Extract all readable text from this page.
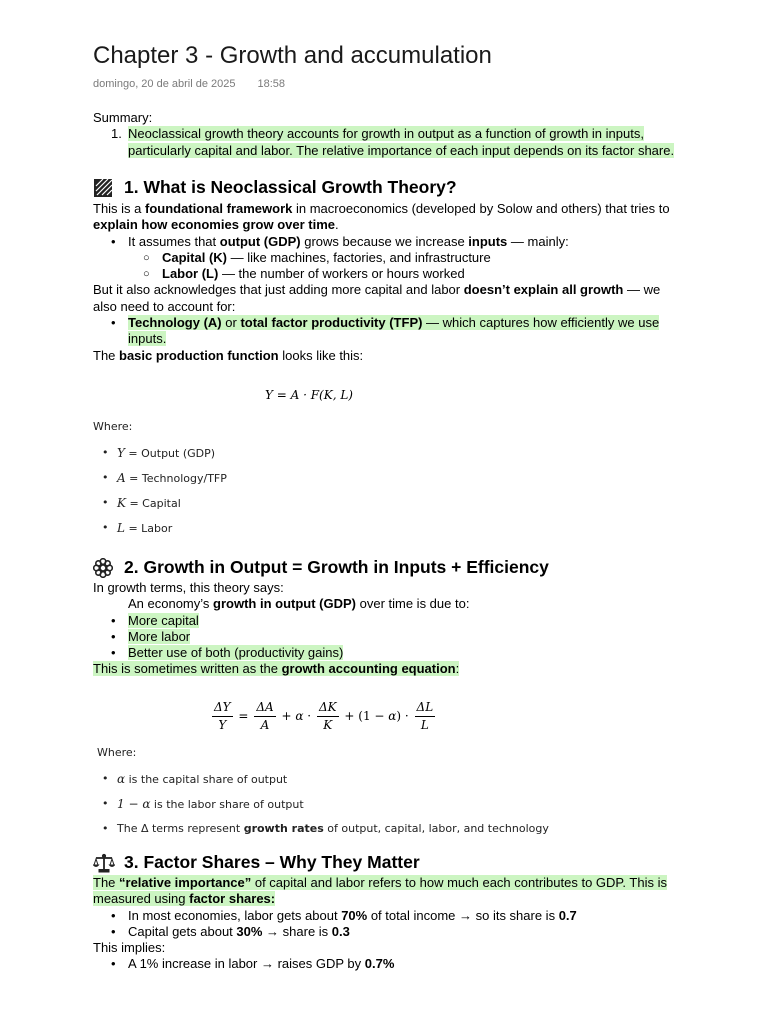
Chapter 3 - Growth and accumulation
domingo, 20 de abril de 2025 18:58
Summary:
1. Neoclassical growth theory accounts for growth in output as a function of growth in inputs, particularly capital and labor. The relative importance of each input depends on its factor share.
1. What is Neoclassical Growth Theory?
This is a foundational framework in macroeconomics (developed by Solow and others) that tries to explain how economies grow over time.
• It assumes that output (GDP) grows because we increase inputs — mainly:
○ Capital (K) — like machines, factories, and infrastructure
○ Labor (L) — the number of workers or hours worked
But it also acknowledges that just adding more capital and labor doesn’t explain all growth — we also need to account for:
• Technology (A) or total factor productivity (TFP) — which captures how efficiently we use inputs.
The basic production function looks like this:
Y = A · F(K, L)
Where:
• Y = Output (GDP)
• A = Technology/TFP
• K = Capital
• L = Labor
2. Growth in Output = Growth in Inputs + Efficiency
In growth terms, this theory says:
An economy’s growth in output (GDP) over time is due to:
• More capital
• More labor
• Better use of both (productivity gains)
This is sometimes written as the growth accounting equation:
$\frac{\Delta Y}{Y} = \frac{\Delta A}{A} + \alpha \cdot \frac{\Delta K}{K} + (1 - \alpha) \cdot \frac{\Delta L}{L}$
Where:
• α is the capital share of output
• 1 − α is the labor share of output
• The Δ terms represent growth rates of output, capital, labor, and technology
3. Factor Shares – Why They Matter
The “relative importance” of capital and labor refers to how much each contributes to GDP. This is measured using factor shares:
• In most economies, labor gets about 70% of total income → so its share is 0.7
• Capital gets about 30% → share is 0.3
This implies:
• A 1% increase in labor → raises GDP by 0.7%
